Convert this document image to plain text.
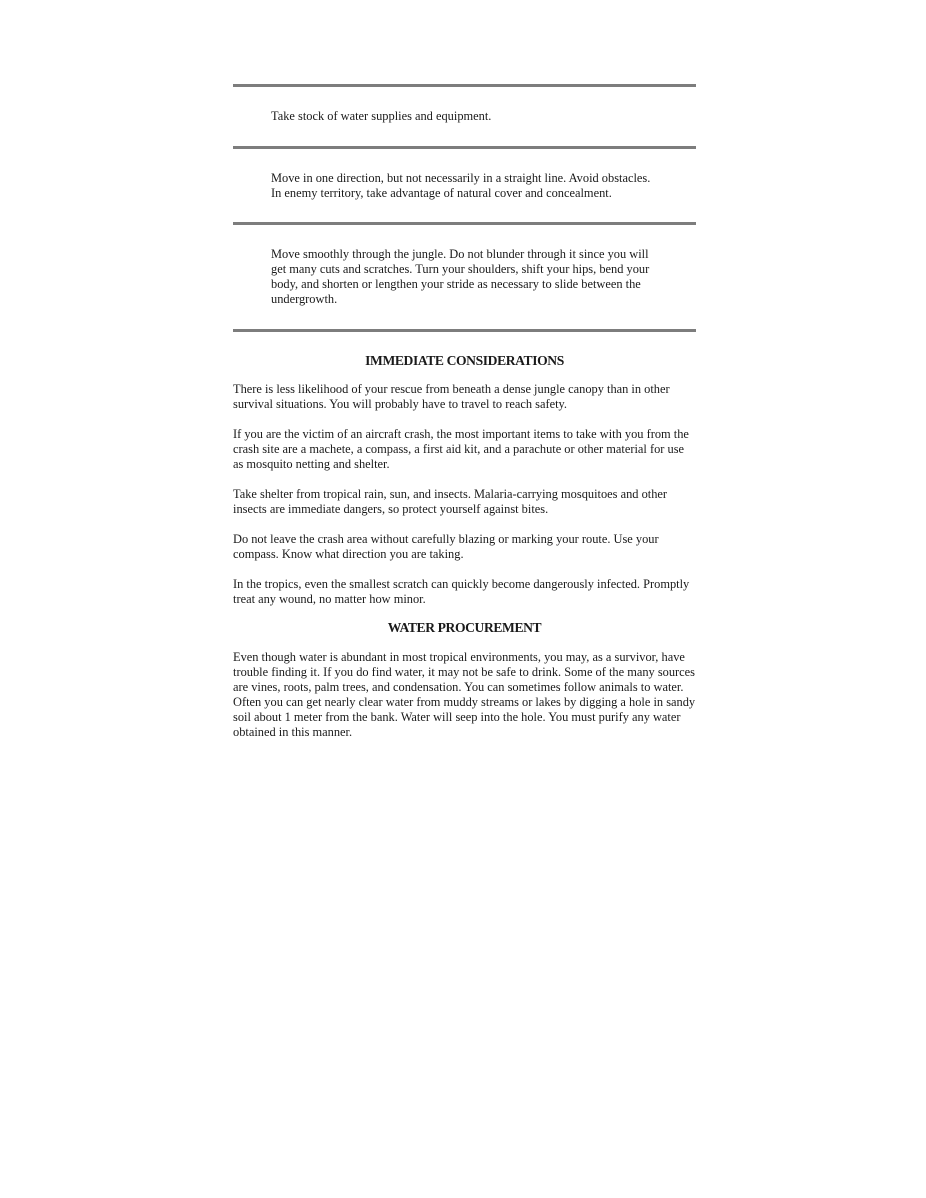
Take stock of water supplies and equipment.

Move in one direction, but not necessarily in a straight line. Avoid obstacles. In enemy territory, take advantage of natural cover and concealment.

Move smoothly through the jungle. Do not blunder through it since you will get many cuts and scratches. Turn your shoulders, shift your hips, bend your body, and shorten or lengthen your stride as necessary to slide between the undergrowth.

IMMEDIATE CONSIDERATIONS

There is less likelihood of your rescue from beneath a dense jungle canopy than in other survival situations. You will probably have to travel to reach safety.

If you are the victim of an aircraft crash, the most important items to take with you from the crash site are a machete, a compass, a first aid kit, and a parachute or other material for use as mosquito netting and shelter.

Take shelter from tropical rain, sun, and insects. Malaria-carrying mosquitoes and other insects are immediate dangers, so protect yourself against bites.

Do not leave the crash area without carefully blazing or marking your route. Use your compass. Know what direction you are taking.

In the tropics, even the smallest scratch can quickly become dangerously infected. Promptly treat any wound, no matter how minor.

WATER PROCUREMENT

Even though water is abundant in most tropical environments, you may, as a survivor, have trouble finding it. If you do find water, it may not be safe to drink. Some of the many sources are vines, roots, palm trees, and condensation. You can sometimes follow animals to water. Often you can get nearly clear water from muddy streams or lakes by digging a hole in sandy soil about 1 meter from the bank. Water will seep into the hole. You must purify any water obtained in this manner.
